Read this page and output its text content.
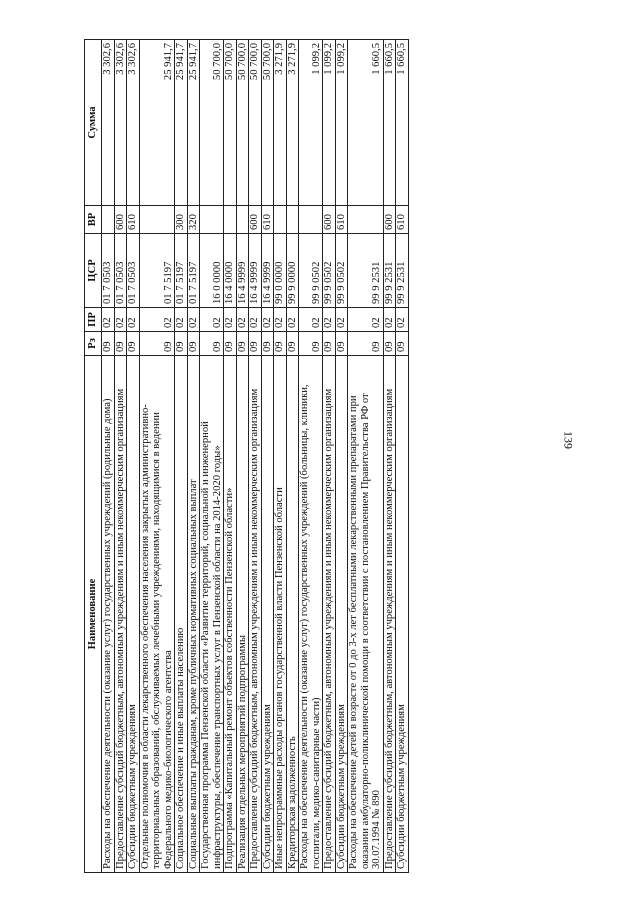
139
Наименование	Рз	ПР	ЦСР	ВР	Сумма
Расходы на обеспечение деятельности (оказание услуг) государственных учреждений (родильные дома)	09	02	01 7 0503		3 302,6
Предоставление субсидий бюджетным, автономным учреждениям и иным некоммерческим организациям	09	02	01 7 0503	600	3 302,6
Субсидии бюджетным учреждениям	09	02	01 7 0503	610	3 302,6
Отдельные полномочия в области лекарственного обеспечения населения закрытых административно-территориальных образований, обслуживаемых лечебными учреждениями, находящимися в ведении Федерального медико-биологического агентства	09	02	01 7 5197		25 941,7
Социальное обеспечение и иные выплаты населению	09	02	01 7 5197	300	25 941,7
Социальные выплаты гражданам, кроме публичных нормативных социальных выплат	09	02	01 7 5197	320	25 941,7
Государственная программа Пензенской области «Развитие территорий, социальной и инженерной инфраструктуры, обеспечение транспортных услуг в Пензенской области на 2014-2020 годы»	09	02	16 0 0000		50 700,0
Подпрограмма «Капитальный ремонт объектов собственности Пензенской области»	09	02	16 4 0000		50 700,0
Реализация отдельных мероприятий подпрограммы	09	02	16 4 9999		50 700,0
Предоставление субсидий бюджетным, автономным учреждениям и иным некоммерческим организациям	09	02	16 4 9999	600	50 700,0
Субсидии бюджетным учреждениям	09	02	16 4 9999	610	50 700,0
Иные непрограммные расходы органов государственной власти Пензенской области	09	02	99 0 0000		3 271,9
Кредиторская задолженность	09	02	99 9 0000		3 271,9
Расходы на обеспечение деятельности (оказание услуг) государственных учреждений (больницы, клиники, госпитали, медико-санитарные части)	09	02	99 9 0502		1 099,2
Предоставление субсидий бюджетным, автономным учреждениям и иным некоммерческим организациям	09	02	99 9 0502	600	1 099,2
Субсидии бюджетным учреждениям	09	02	99 9 0502	610	1 099,2
Расходы на обеспечение детей в возрасте от 0 до 3-х лет бесплатными лекарственными препаратами при оказании амбулаторно-поликлинической помощи в соответствии с постановлением Правительства РФ от 30.07.1994 № 890	09	02	99 9 2531		1 660,5
Предоставление субсидий бюджетным, автономным учреждениям и иным некоммерческим организациям	09	02	99 9 2531	600	1 660,5
Субсидии бюджетным учреждениям	09	02	99 9 2531	610	1 660,5
